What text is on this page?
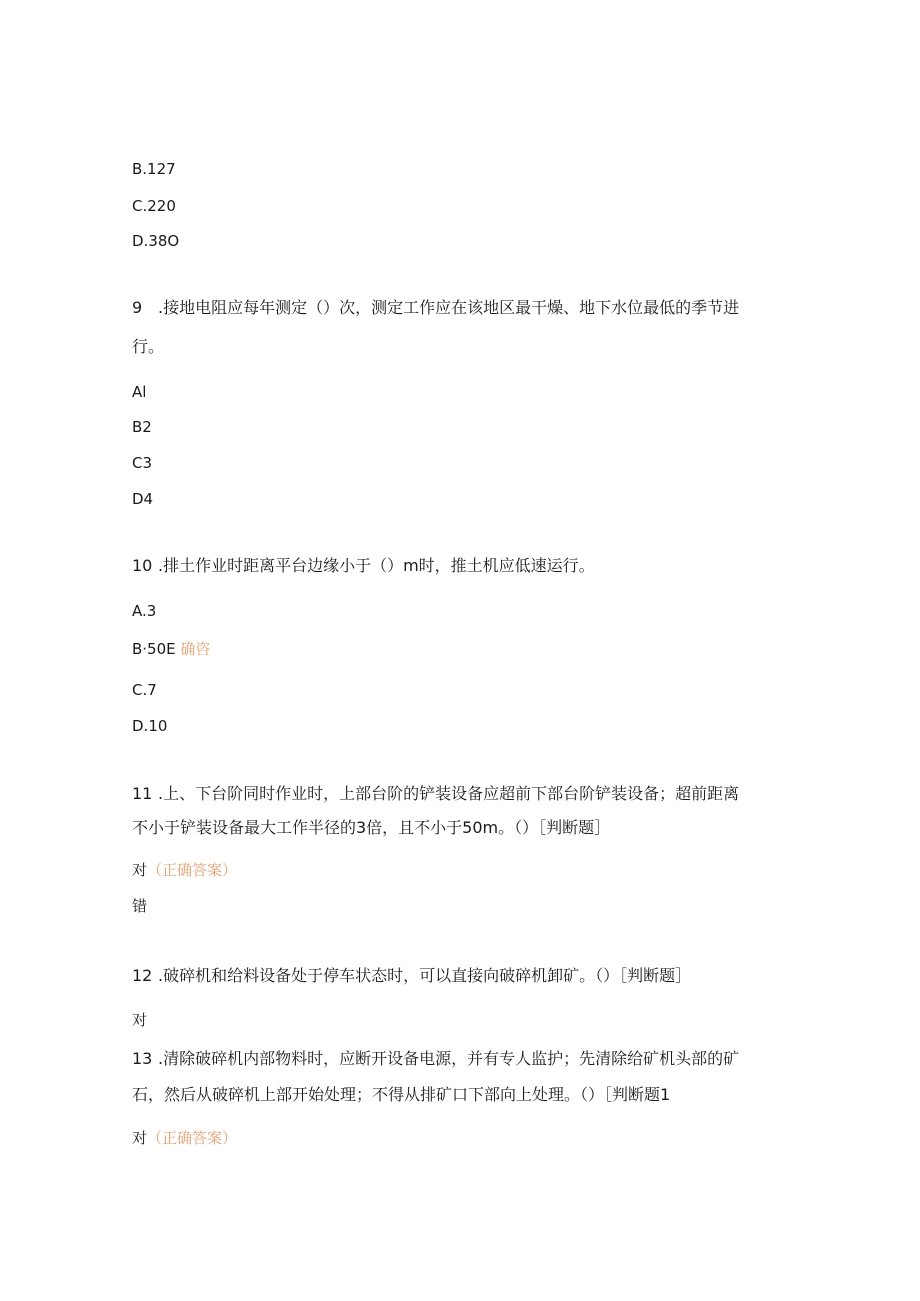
B.127
C.220
D.38O
9 .接地电阻应每年测定（）次，测定工作应在该地区最干燥、地下水位最低的季节进
行。
Al
B2
C3
D4
10 .排土作业时距离平台边缘小于（）m时，推土机应低速运行。
A.3
B·50E 确咨
C.7
D.10
11 .上、下台阶同时作业时，上部台阶的铲装设备应超前下部台阶铲装设备；超前距离
不小于铲装设备最大工作半径的3倍，且不小于50m。（）［判断题］
对（正确答案）
错
12 .破碎机和给料设备处于停车状态时，可以直接向破碎机卸矿。（）［判断题］
对
13 .清除破碎机内部物料时，应断开设备电源，并有专人监护；先清除给矿机头部的矿
石，然后从破碎机上部开始处理；不得从排矿口下部向上处理。（）［判断题1
对（正确答案）
